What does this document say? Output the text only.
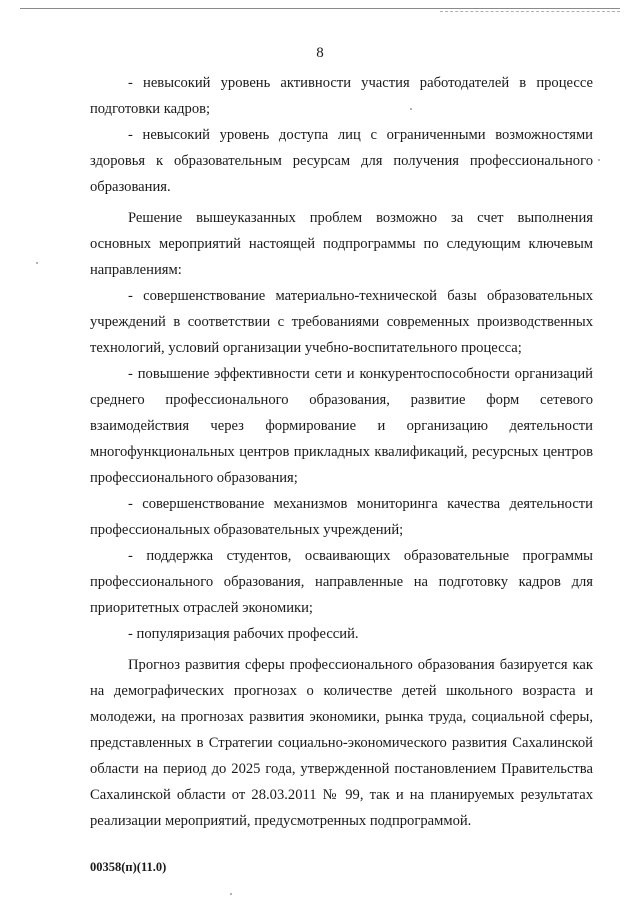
8

- невысокий уровень активности участия работодателей в процессе подготовки кадров;

- невысокий уровень доступа лиц с ограниченными возможностями здоровья к образовательным ресурсам для получения профессионального образования.

Решение вышеуказанных проблем возможно за счет выполнения основных мероприятий настоящей подпрограммы по следующим ключевым направлениям:

- совершенствование материально-технической базы образовательных учреждений в соответствии с требованиями современных производственных технологий, условий организации учебно-воспитательного процесса;

- повышение эффективности сети и конкурентоспособности организаций среднего профессионального образования, развитие форм сетевого взаимодействия через формирование и организацию деятельности многофункциональных центров прикладных квалификаций, ресурсных центров профессионального образования;

- совершенствование механизмов мониторинга качества деятельности профессиональных образовательных учреждений;

- поддержка студентов, осваивающих образовательные программы профессионального образования, направленные на подготовку кадров для приоритетных отраслей экономики;

- популяризация рабочих профессий.

Прогноз развития сферы профессионального образования базируется как на демографических прогнозах о количестве детей школьного возраста и молодежи, на прогнозах развития экономики, рынка труда, социальной сферы, представленных в Стратегии социально-экономического развития Сахалинской области на период до 2025 года, утвержденной постановлением Правительства Сахалинской области от 28.03.2011 № 99, так и на планируемых результатах реализации мероприятий, предусмотренных подпрограммой.

00358(п)(11.0)
